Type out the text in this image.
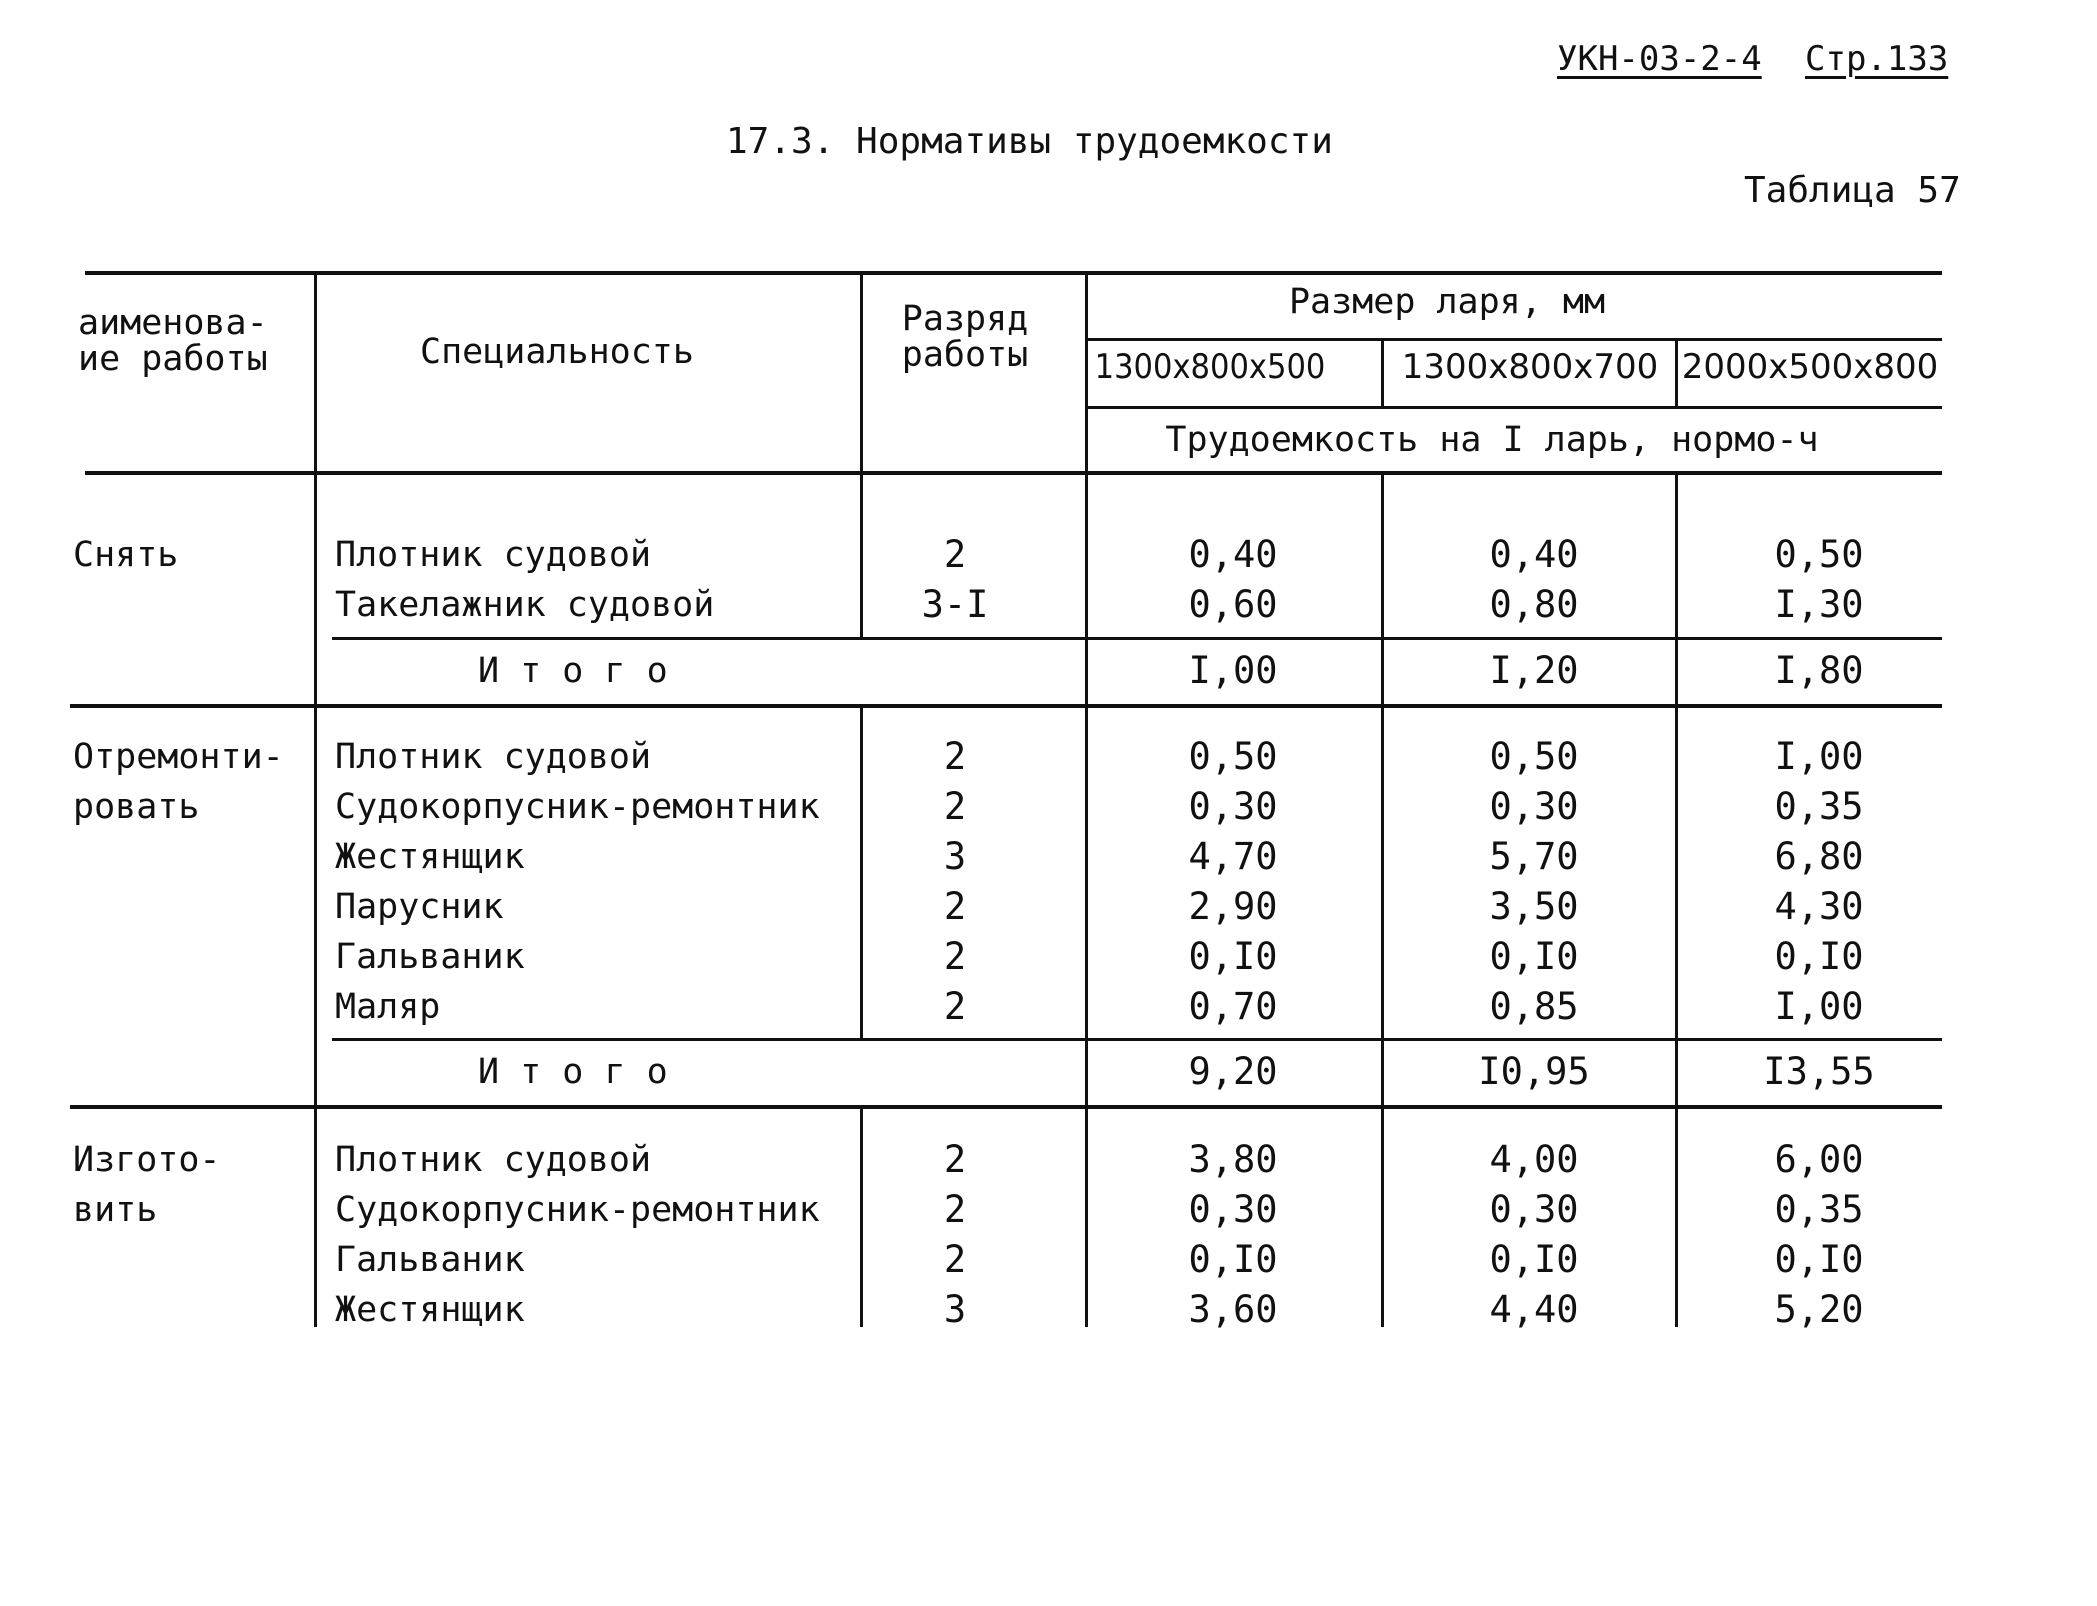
УКН-03-2-4 Стр.133
17.3. Нормативы трудоемкости
Таблица 57
аименова-
ие работы	Специальность
Разряд
работы
Размер ларя, мм
1300x800x500 1300x800x700 2000x500x800
Трудоемкость на I ларь, нормо-ч
Снять	Плотник судовой	2	0,40	0,40	0,50
Такелажник судовой	3-I	0,60	0,80	I,30
И т о г о	I,00	I,20	I,80
Отремонти-
ровать
Плотник судовой	2	0,50	0,50	I,00
Судокорпусник-ремонтник	2	0,30	0,30	0,35
Жестянщик	3	4,70	5,70	6,80
Парусник	2	2,90	3,50	4,30
Гальваник	2	0,I0	0,I0	0,I0
Маляр	2	0,70	0,85	I,00
И т о г о	9,20	I0,95	I3,55
Изгото-
вить
Плотник судовой	2	3,80	4,00	6,00
Судокорпусник-ремонтник	2	0,30	0,30	0,35
Гальваник	2	0,I0	0,I0	0,I0
Жестянщик	3	3,60	4,40	5,20
